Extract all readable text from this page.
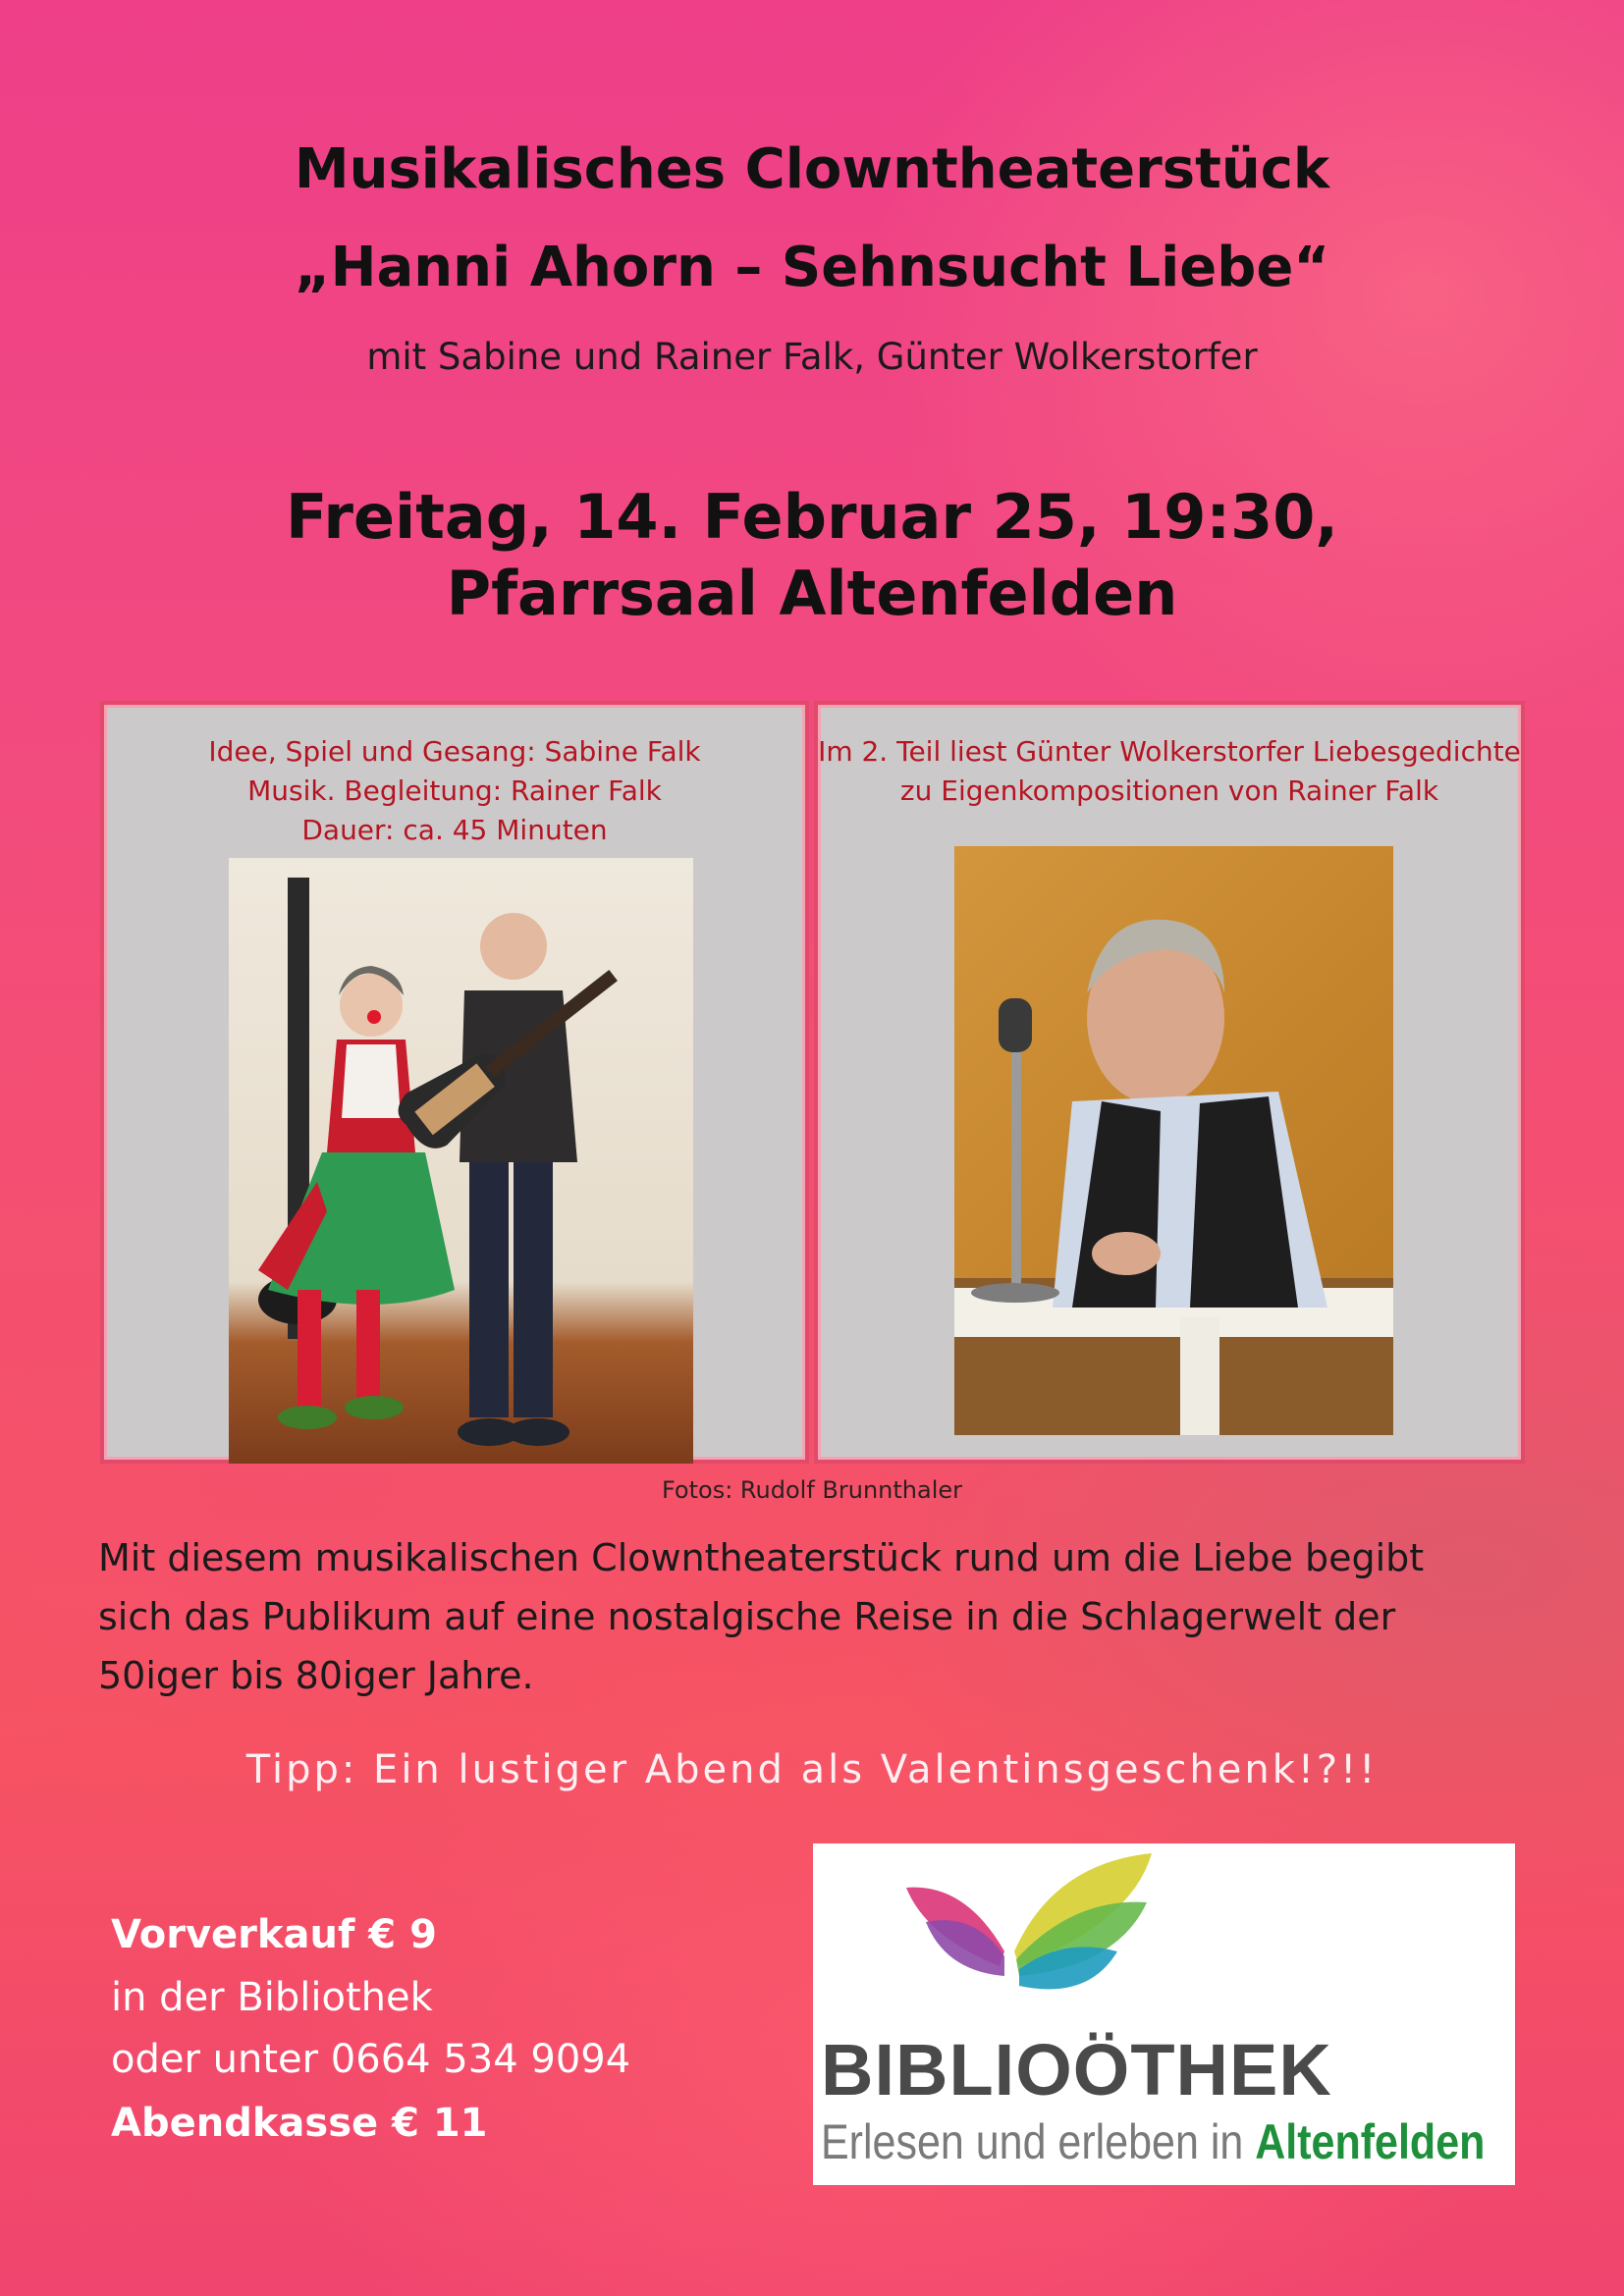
Musikalisches Clowntheaterstück
„Hanni Ahorn – Sehnsucht Liebe“
mit Sabine und Rainer Falk, Günter Wolkerstorfer
Freitag, 14. Februar 25, 19:30,
Pfarrsaal Altenfelden
Idee, Spiel und Gesang: Sabine Falk
Musik. Begleitung: Rainer Falk
Dauer: ca. 45 Minuten
Im 2. Teil liest Günter Wolkerstorfer Liebesgedichte
zu Eigenkompositionen von Rainer Falk
Fotos: Rudolf Brunnthaler
Mit diesem musikalischen Clowntheaterstück rund um die Liebe begibt
sich das Publikum auf eine nostalgische Reise in die Schlagerwelt der
50iger bis 80iger Jahre.
Tipp: Ein lustiger Abend als Valentinsgeschenk!?!!
Vorverkauf € 9
in der Bibliothek
oder unter 0664 534 9094
Abendkasse € 11
BIBLIOÖTHEK
Erlesen und erleben in Altenfelden
